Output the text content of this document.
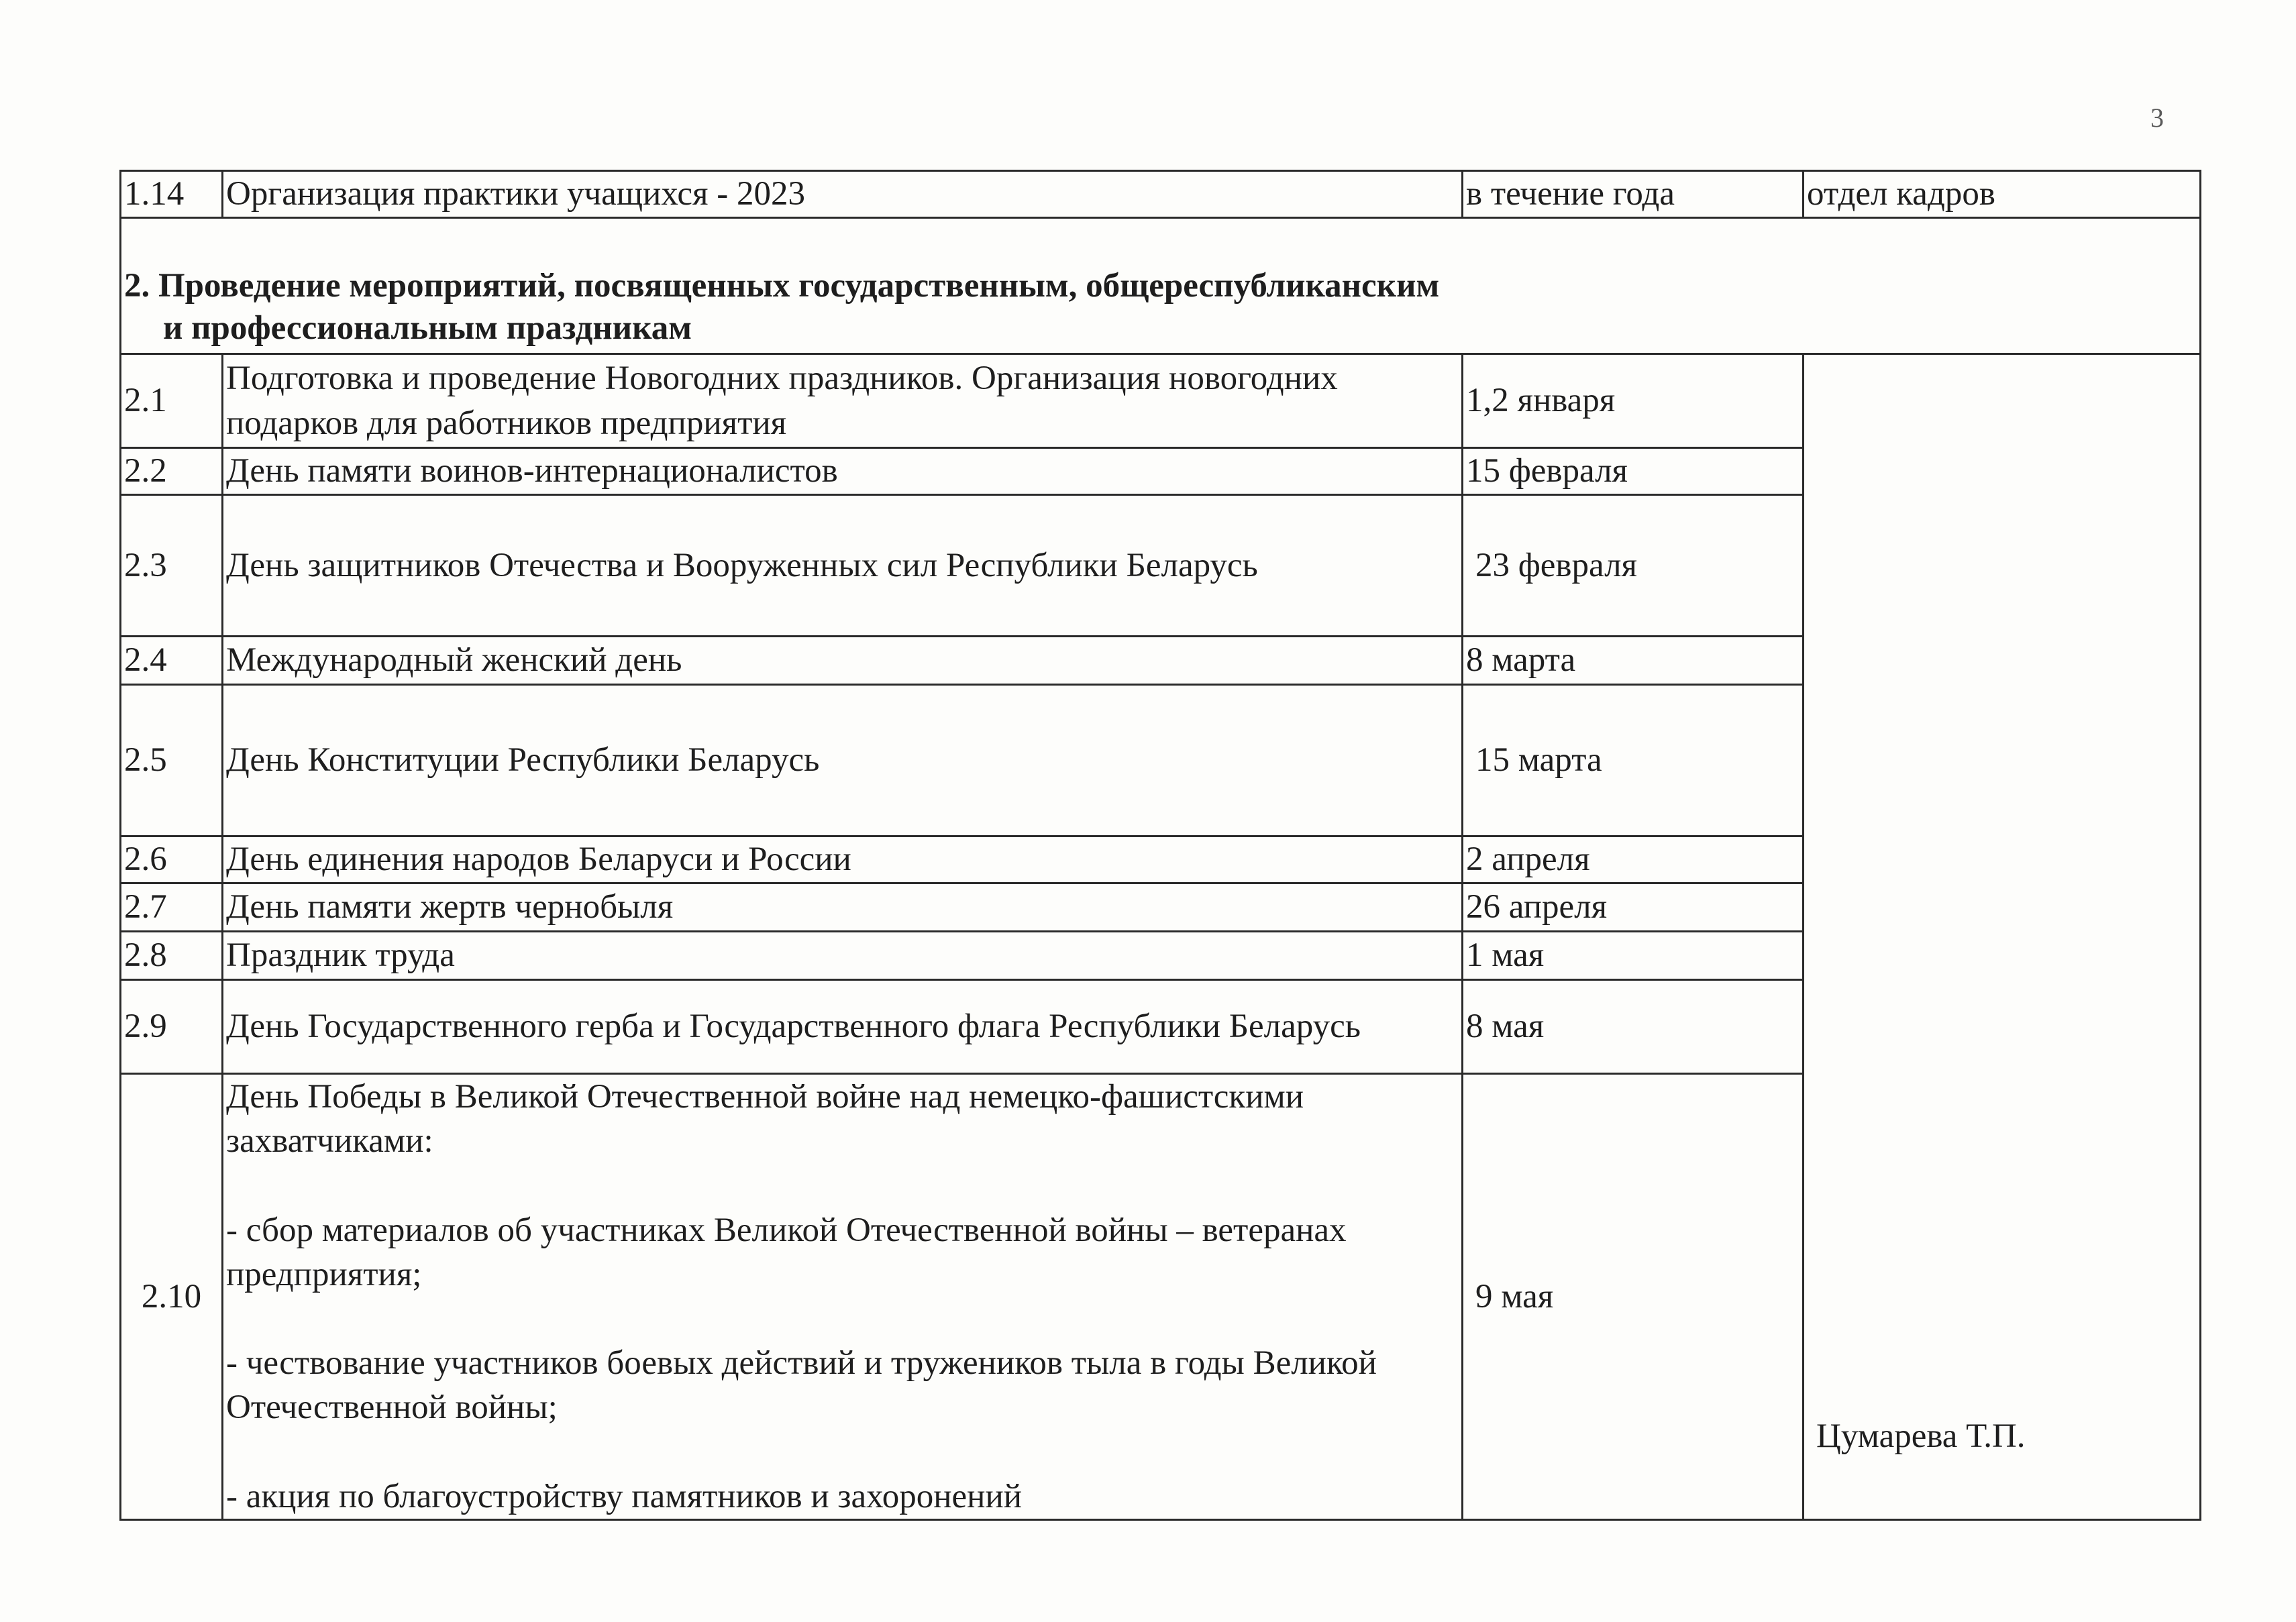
3
1.14	Организация практики учащихся - 2023	в течение года	отдел кадров

2. Проведение мероприятий, посвященных государственным, общереспубликанским
и профессиональным праздникам			

2.1	Подготовка и проведение Новогодних праздников. Организация новогодних подарков для работников предприятия	1,2 января	Цумарева Т.П.
2.2	День памяти воинов-интернационалистов	15 февраля	
2.3	День защитников Отечества и Вооруженных сил Республики Беларусь	23 февраля	
2.4	Международный женский день	8 марта	
2.5	День Конституции Республики Беларусь	15 марта	
2.6	День единения народов Беларуси и России	2 апреля	
2.7	День памяти жертв чернобыля	26 апреля	
2.8	Праздник труда	1 мая	
2.9	День Государственного герба и Государственного флага Республики Беларусь	8 мая	
2.10	День Победы в Великой Отечественной войне над немецко-фашистскими захватчиками:
- сбор материалов об участниках Великой Отечественной войны – ветеранах предприятия;
- чествование участников боевых действий и тружеников тыла в годы Великой Отечественной войны;
- акция по благоустройству памятников и захоронений	9 мая	
